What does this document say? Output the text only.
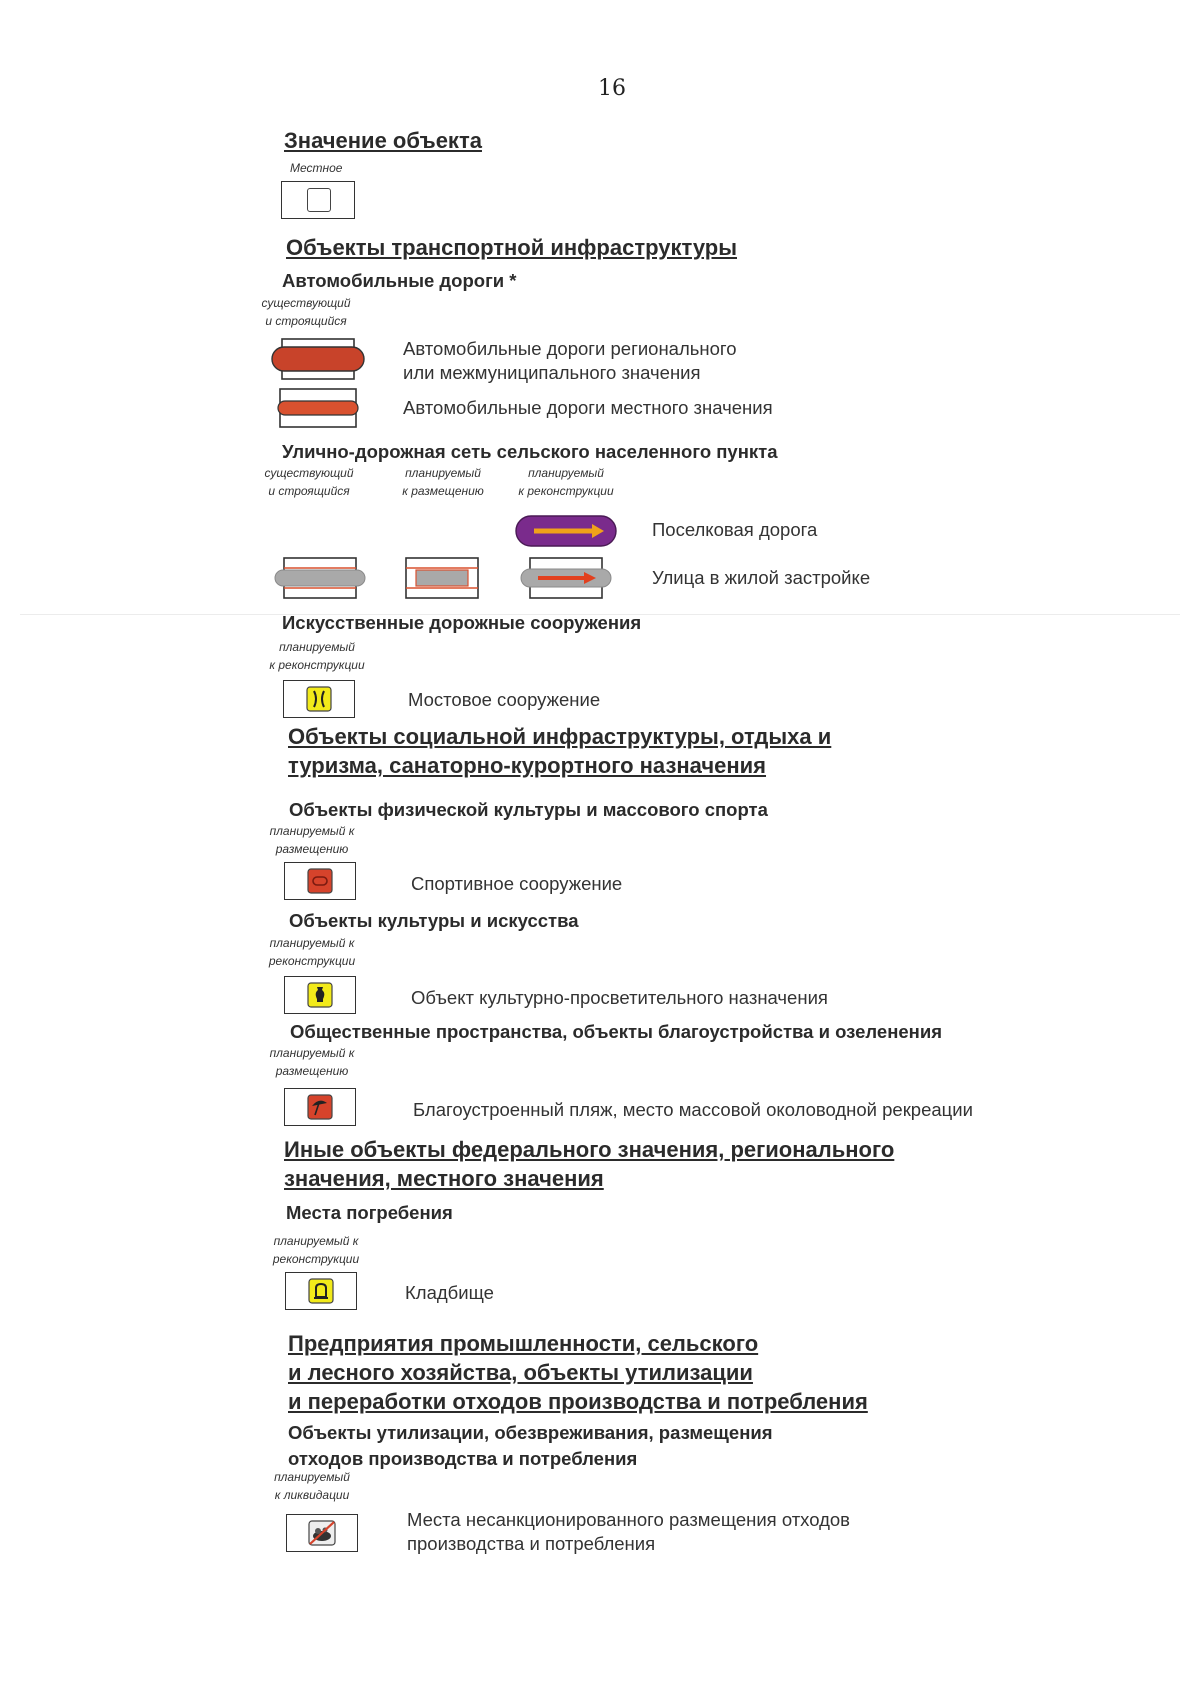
16
Значение объекта
Местное
Объекты транспортной инфраструктуры
Автомобильные дороги *
существующий
и строящийся
Автомобильные дороги регионального
или межмуниципального значения
Автомобильные дороги местного значения
Улично-дорожная сеть сельского населенного пункта
существующий
и строящийся
планируемый
к размещению
планируемый
к реконструкции
Поселковая дорога
Улица в жилой застройке
Искусственные дорожные сооружения
планируемый
к реконструкции
Мостовое сооружение
Объекты социальной инфраструктуры, отдыха и
туризма, санаторно-курортного назначения
Объекты физической культуры и массового спорта
планируемый к
размещению
Спортивное сооружение
Объекты культуры и искусства
планируемый к
реконструкции
Объект культурно-просветительного назначения
Общественные пространства, объекты благоустройства и озеленения
планируемый к
размещению
Благоустроенный пляж, место массовой околоводной рекреации
Иные объекты федерального значения, регионального
значения, местного значения
Места погребения
планируемый к
реконструкции
Кладбище
Предприятия промышленности, сельского
и лесного хозяйства, объекты утилизации
и переработки отходов производства и потребления
Объекты утилизации, обезвреживания, размещения
отходов производства и потребления
планируемый
к ликвидации
Места несанкционированного размещения отходов
производства и потребления
